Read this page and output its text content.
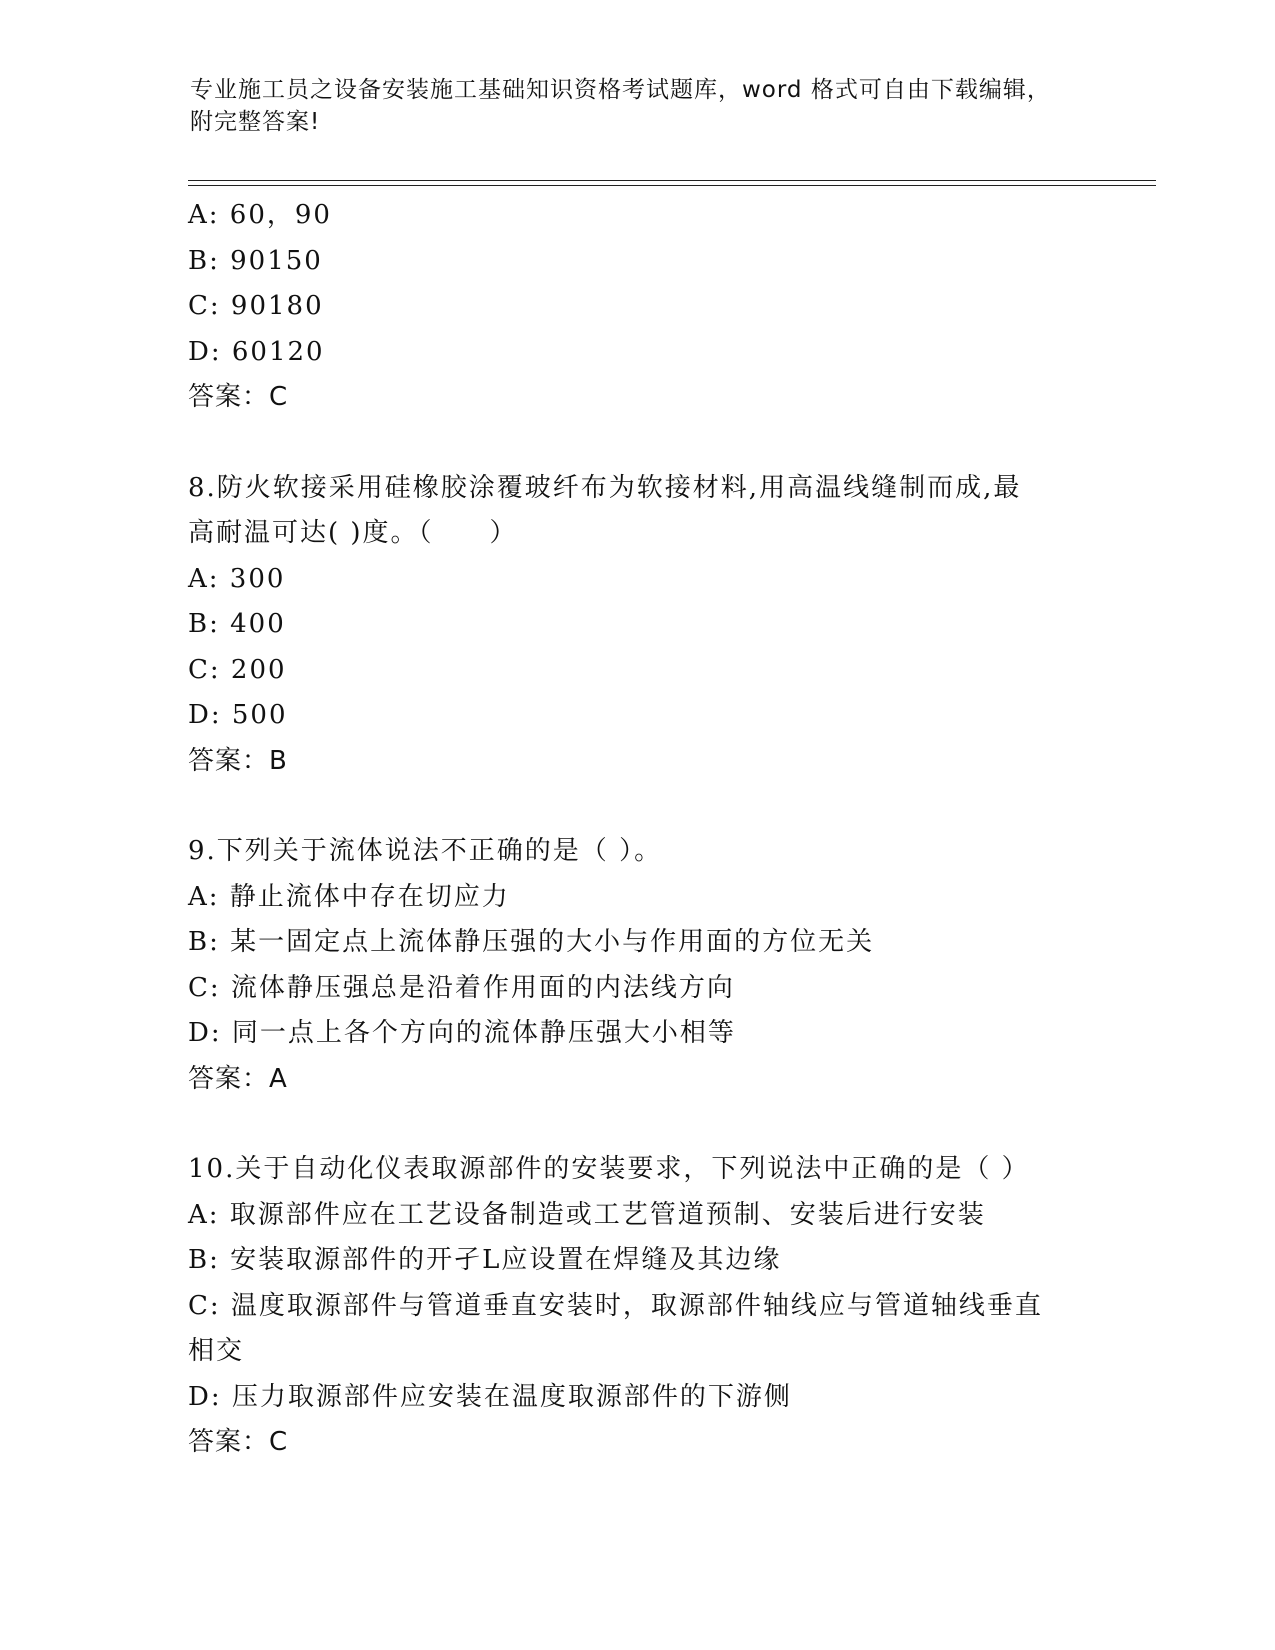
专业施工员之设备安装施工基础知识资格考试题库，word 格式可自由下载编辑，
附完整答案!
A: 60，90
B: 90150
C: 90180
D: 60120
答案：C
8.防火软接采用硅橡胶涂覆玻纤布为软接材料,用高温线缝制而成,最
高耐温可达( )度。（　　）
A: 300
B: 400
C: 200
D: 500
答案：B
9.下列关于流体说法不正确的是（ ）。
A: 静止流体中存在切应力
B: 某一固定点上流体静压强的大小与作用面的方位无关
C: 流体静压强总是沿着作用面的内法线方向
D: 同一点上各个方向的流体静压强大小相等
答案：A
10.关于自动化仪表取源部件的安装要求，下列说法中正确的是（ ）
A: 取源部件应在工艺设备制造或工艺管道预制、安装后进行安装
B: 安装取源部件的开孑L应设置在焊缝及其边缘
C: 温度取源部件与管道垂直安装时，取源部件轴线应与管道轴线垂直
相交
D: 压力取源部件应安装在温度取源部件的下游侧
答案：C
